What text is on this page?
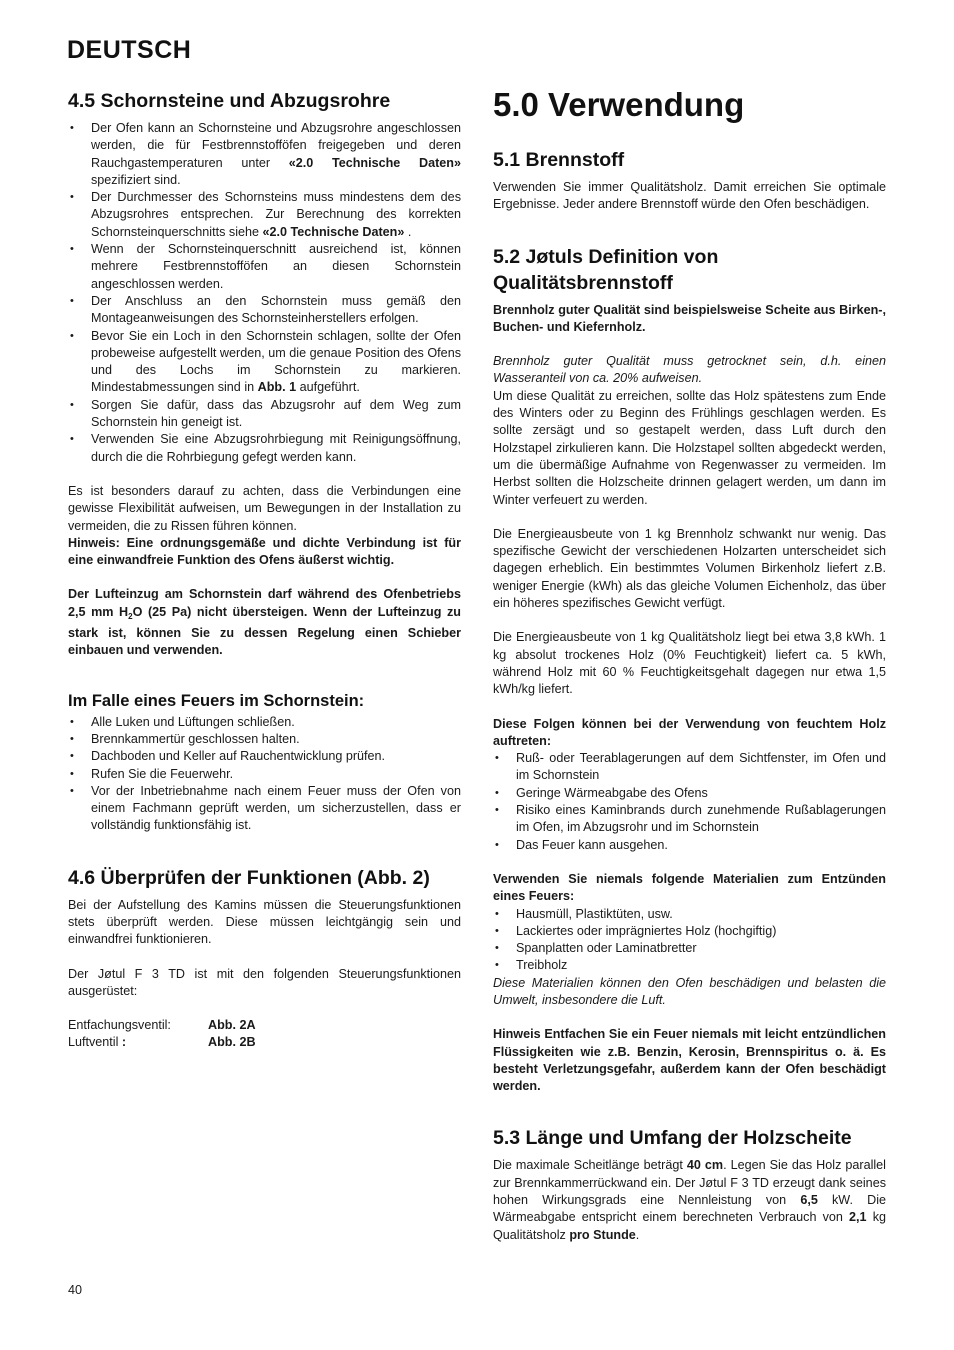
DEUTSCH
4.5 Schornsteine und Abzugsrohre
• Der Ofen kann an Schornsteine und Abzugsrohre angeschlossen werden, die für Festbrennstofföfen freigegeben und deren Rauchgastemperaturen unter «2.0 Technische Daten» spezifiziert sind.
• Der Durchmesser des Schornsteins muss mindestens dem des Abzugsrohres entsprechen. Zur Berechnung des korrekten Schornsteinquerschnitts siehe «2.0 Technische Daten» .
• Wenn der Schornsteinquerschnitt ausreichend ist, können mehrere Festbrennstofföfen an diesen Schornstein angeschlossen werden.
• Der Anschluss an den Schornstein muss gemäß den Montageanweisungen des Schornsteinherstellers erfolgen.
• Bevor Sie ein Loch in den Schornstein schlagen, sollte der Ofen probeweise aufgestellt werden, um die genaue Position des Ofens und des Lochs im Schornstein zu markieren. Mindestabmessungen sind in Abb. 1 aufgeführt.
• Sorgen Sie dafür, dass das Abzugsrohr auf dem Weg zum Schornstein hin geneigt ist.
• Verwenden Sie eine Abzugsrohrbiegung mit Reinigungsöffnung, durch die die Rohrbiegung gefegt werden kann.

Es ist besonders darauf zu achten, dass die Verbindungen eine gewisse Flexibilität aufweisen, um Bewegungen in der Installation zu vermeiden, die zu Rissen führen können.

Hinweis: Eine ordnungsgemäße und dichte Verbindung ist für eine einwandfreie Funktion des Ofens äußerst wichtig.

Der Lufteinzug am Schornstein darf während des Ofenbetriebs 2,5 mm $H_2O$ (25 Pa) nicht übersteigen. Wenn der Lufteinzug zu stark ist, können Sie zu dessen Regelung einen Schieber einbauen und verwenden.

Im Falle eines Feuers im Schornstein:
• Alle Luken und Lüftungen schließen.
• Brennkammertür geschlossen halten.
• Dachboden und Keller auf Rauchentwicklung prüfen.
• Rufen Sie die Feuerwehr.
• Vor der Inbetriebnahme nach einem Feuer muss der Ofen von einem Fachmann geprüft werden, um sicherzustellen, dass er vollständig funktionsfähig ist.
4.6 Überprüfen der Funktionen (Abb. 2)

Bei der Aufstellung des Kamins müssen die Steuerungsfunktionen stets überprüft werden. Diese müssen leichtgängig sein und einwandfrei funktionieren.

Der Jøtul F 3 TD ist mit den folgenden Steuerungsfunktionen ausgerüstet:

Entfachungsventil:	Abb. 2A
Luftventil :	Abb. 2B
5.0 Verwendung
5.1 Brennstoff

Verwenden Sie immer Qualitätsholz. Damit erreichen Sie optimale Ergebnisse. Jeder andere Brennstoff würde den Ofen beschädigen.

5.2 Jøtuls Definition von Qualitätsbrennstoff

Brennholz guter Qualität sind beispielsweise Scheite aus Birken-, Buchen- und Kiefernholz.

Brennholz guter Qualität muss getrocknet sein, d.h. einen Wasseranteil von ca. 20% aufweisen.

Um diese Qualität zu erreichen, sollte das Holz spätestens zum Ende des Winters oder zu Beginn des Frühlings geschlagen werden. Es sollte zersägt und so gestapelt werden, dass Luft durch den Holzstapel zirkulieren kann. Die Holzstapel sollten abgedeckt werden, um die übermäßige Aufnahme von Regenwasser zu vermeiden. Im Herbst sollten die Holzscheite drinnen gelagert werden, um dann im Winter verfeuert zu werden.

Die Energieausbeute von 1 kg Brennholz schwankt nur wenig. Das spezifische Gewicht der verschiedenen Holzarten unterscheidet sich dagegen erheblich. Ein bestimmtes Volumen Birkenholz liefert z.B. weniger Energie (kWh) als das gleiche Volumen Eichenholz, das über ein höheres spezifisches Gewicht verfügt.

Die Energieausbeute von 1 kg Qualitätsholz liegt bei etwa 3,8 kWh. 1 kg absolut trockenes Holz (0% Feuchtigkeit) liefert ca. 5 kWh, während Holz mit 60 % Feuchtigkeitsgehalt dagegen nur etwa 1,5 kWh/kg liefert.

Diese Folgen können bei der Verwendung von feuchtem Holz auftreten:

• Ruß- oder Teerablagerungen auf dem Sichtfenster, im Ofen und im Schornstein
• Geringe Wärmeabgabe des Ofens
• Risiko eines Kaminbrands durch zunehmende Rußablagerungen im Ofen, im Abzugsrohr und im Schornstein
• Das Feuer kann ausgehen.

Verwenden Sie niemals folgende Materialien zum Entzünden eines Feuers:

• Hausmüll, Plastiktüten, usw.
• Lackiertes oder imprägniertes Holz (hochgiftig)
• Spanplatten oder Laminatbretter
• Treibholz

Diese Materialien können den Ofen beschädigen und belasten die Umwelt, insbesondere die Luft.

Hinweis Entfachen Sie ein Feuer niemals mit leicht entzündlichen Flüssigkeiten wie z.B. Benzin, Kerosin, Brennspiritus o. ä. Es besteht Verletzungsgefahr, außerdem kann der Ofen beschädigt werden.

5.3 Länge und Umfang der Holzscheite

Die maximale Scheitlänge beträgt 40 cm. Legen Sie das Holz parallel zur Brennkammerrückwand ein. Der Jøtul F 3 TD erzeugt dank seines hohen Wirkungsgrads eine Nennleistung von 6,5 kW. Die Wärmeabgabe entspricht einem berechneten Verbrauch von 2,1 kg Qualitätsholz pro Stunde.

40
